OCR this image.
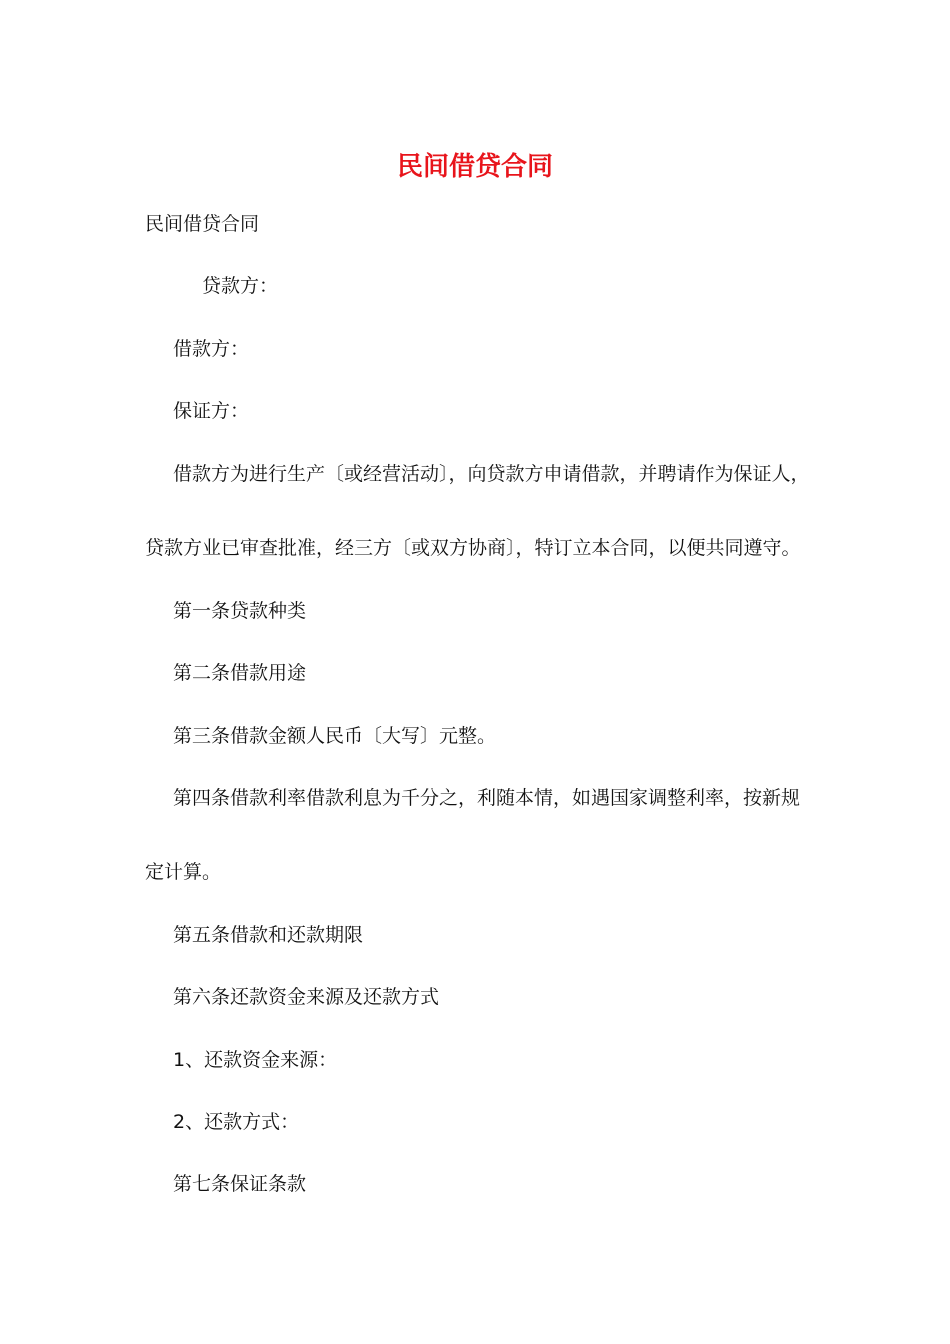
民间借贷合同
民间借贷合同
贷款方：
借款方：
保证方：
借款方为进行生产〔或经营活动〕，向贷款方申请借款，并聘请作为保证人，
贷款方业已审查批准，经三方〔或双方协商〕，特订立本合同，以便共同遵守。
第一条贷款种类
第二条借款用途
第三条借款金额人民币〔大写〕元整。
第四条借款利率借款利息为千分之，利随本情，如遇国家调整利率，按新规
定计算。
第五条借款和还款期限
第六条还款资金来源及还款方式
1、还款资金来源：
2、还款方式：
第七条保证条款
